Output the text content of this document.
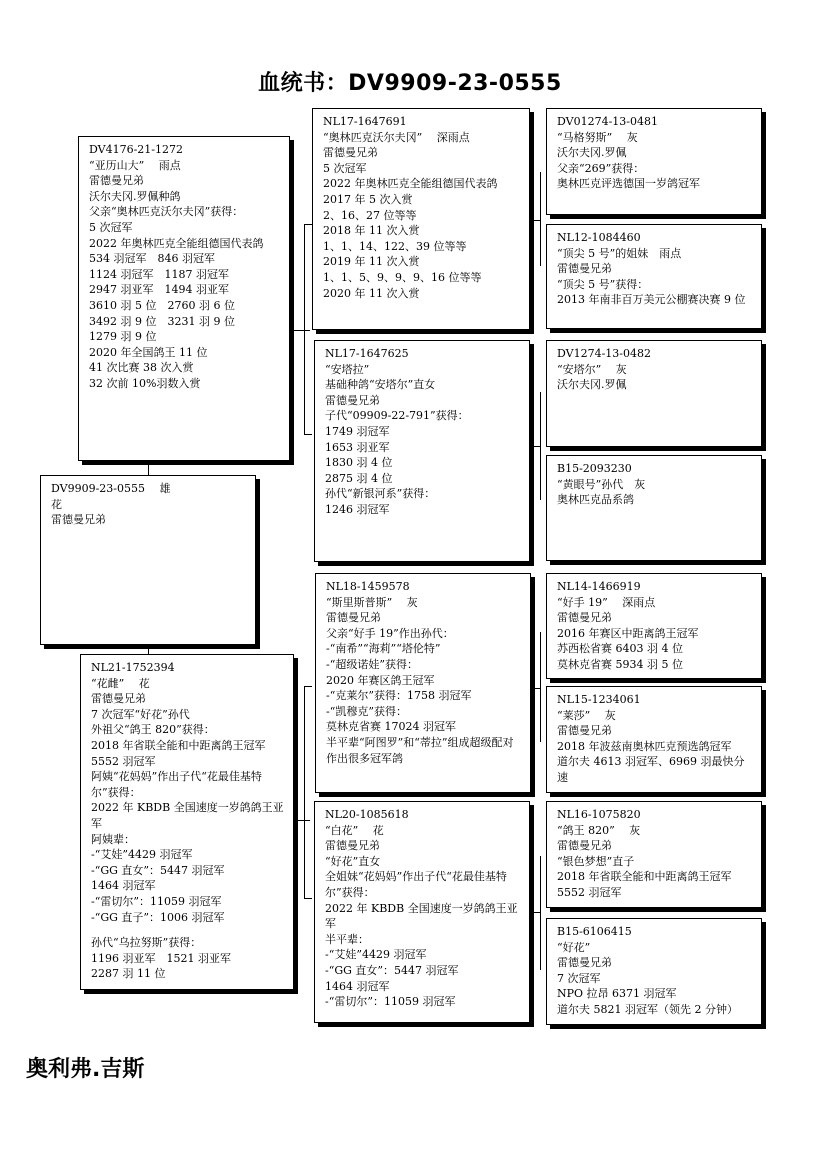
血统书：DV9909-23-0555
DV4176-21-1272
“亚历山大”　 雨点
雷德曼兄弟
沃尔夫冈.罗佩种鸽
父亲“奥林匹克沃尔夫冈”获得：
5 次冠军
2022 年奥林匹克全能组德国代表鸽
534 羽冠军　846 羽冠军
1124 羽冠军　1187 羽冠军
2947 羽亚军　1494 羽亚军
3610 羽 5 位　2760 羽 6 位
3492 羽 9 位　3231 羽 9 位
1279 羽 9 位
2020 年全国鸽王 11 位
41 次比赛 38 次入赏
32 次前 10%羽数入赏
DV9909-23-0555　 雄
花
雷德曼兄弟
NL21-1752394
“花雌”　 花
雷德曼兄弟
7 次冠军“好花”孙代
外祖父“鸽王 820”获得：
2018 年省联全能和中距离鸽王冠军
5552 羽冠军
阿姨“花妈妈”作出子代“花最佳基特尔”获得：
2022 年 KBDB 全国速度一岁鸽鸽王亚军
阿姨辈：
-“艾娃”4429 羽冠军
-“GG 直女”：5447 羽冠军
1464 羽冠军
-“雷切尔”：11059 羽冠军
-“GG 直子”：1006 羽冠军
孙代“乌拉努斯”获得：
1196 羽亚军　1521 羽亚军
2287 羽 11 位
NL17-1647691
“奥林匹克沃尔夫冈”　 深雨点
雷德曼兄弟
5 次冠军
2022 年奥林匹克全能组德国代表鸽
2017 年 5 次入赏
2、16、27 位等等
2018 年 11 次入赏
1、1、14、122、39 位等等
2019 年 11 次入赏
1、1、5、9、9、9、16 位等等
2020 年 11 次入赏
NL17-1647625
“安塔拉”
基础种鸽“安塔尔”直女
雷德曼兄弟
子代“09909-22-791”获得：
1749 羽冠军
1653 羽亚军
1830 羽 4 位
2875 羽 4 位
孙代“新银河系”获得：
1246 羽冠军
NL18-1459578
“斯里斯普斯”　 灰
雷德曼兄弟
父亲“好手 19”作出孙代：
-“南希”“海莉”“塔伦特”
-“超级诺娃”获得：
2020 年赛区鸽王冠军
-“克莱尔”获得：1758 羽冠军
-“凯穆克”获得：
莫林克省赛 17024 羽冠军
半平辈“阿图罗”和“蒂拉”组成超级配对作出很多冠军鸽
NL20-1085618
“白花”　 花
雷德曼兄弟
“好花”直女
全姐妹“花妈妈”作出子代“花最佳基特尔”获得：
2022 年 KBDB 全国速度一岁鸽鸽王亚军
半平辈：
-“艾娃”4429 羽冠军
-“GG 直女”：5447 羽冠军
1464 羽冠军
-“雷切尔”：11059 羽冠军
DV01274-13-0481
“马格努斯”　 灰
沃尔夫冈.罗佩
父亲“269”获得：
奥林匹克评选德国一岁鸽冠军
NL12-1084460
“顶尖 5 号”的姐妹　雨点
雷德曼兄弟
“顶尖 5 号”获得：
2013 年南非百万美元公棚赛决赛 9 位
DV1274-13-0482
“安塔尔”　 灰
沃尔夫冈.罗佩
B15-2093230
“黄眼号”孙代　灰
奥林匹克品系鸽
NL14-1466919
“好手 19”　 深雨点
雷德曼兄弟
2016 年赛区中距离鸽王冠军
苏西松省赛 6403 羽 4 位
莫林克省赛 5934 羽 5 位
NL15-1234061
“莱莎”　 灰
雷德曼兄弟
2018 年波兹南奥林匹克预选鸽冠军
道尔夫 4613 羽冠军、6969 羽最快分速
NL16-1075820
“鸽王 820”　 灰
雷德曼兄弟
“银色梦想”直子
2018 年省联全能和中距离鸽王冠军
5552 羽冠军
B15-6106415
“好花”
雷德曼兄弟
7 次冠军
NPO 拉昂 6371 羽冠军
道尔夫 5821 羽冠军（领先 2 分钟）
奥利弗.吉斯
